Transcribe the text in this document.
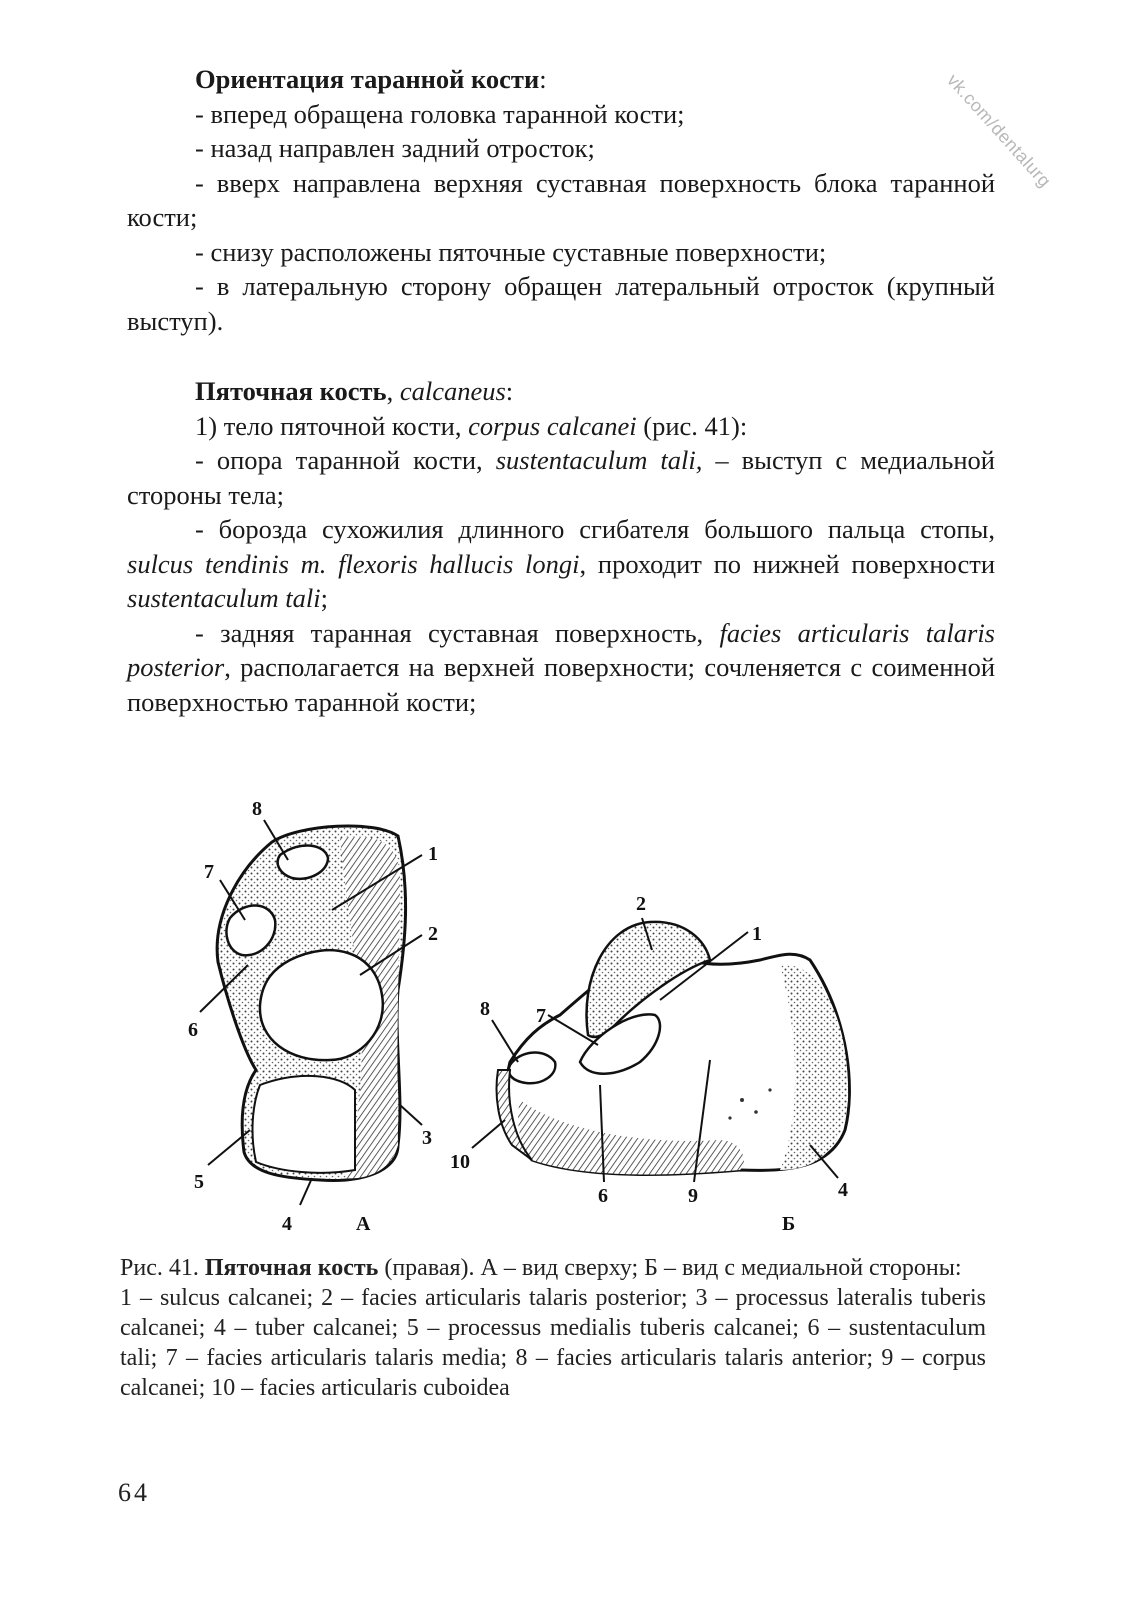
vk.com/dentalurg

Ориентация таранной кости:

- вперед обращена головка таранной кости;

- назад направлен задний отросток;

- вверх направлена верхняя суставная поверхность блока таранной кости;

- снизу расположены пяточные суставные поверхности;

- в латеральную сторону обращен латеральный отросток (крупный выступ).

Пяточная кость, calcaneus:

1) тело пяточной кости, corpus calcanei (рис. 41):

- опора таранной кости, sustentaculum tali, – выступ с медиальной стороны тела;

- борозда сухожилия длинного сгибателя большого пальца стопы, sulcus tendinis m. flexoris hallucis longi, проходит по нижней поверхности sustentaculum tali;

- задняя таранная суставная поверхность, facies articularis talaris posterior, располагается на верхней поверхности; сочленяется с соименной поверхностью таранной кости;

8
7
1
2
6
3
5
4	А
2
1
8 7
10
6	9	4
Б

Рис. 41. Пяточная кость (правая). А – вид сверху; Б – вид с медиальной стороны:

1 – sulcus calcanei; 2 – facies articularis talaris posterior; 3 – processus lateralis tuberis calcanei; 4 – tuber calcanei; 5 – processus medialis tuberis calcanei; 6 – sustentaculum tali; 7 – facies articularis talaris media; 8 – facies articularis talaris anterior; 9 – corpus calcanei; 10 – facies articularis cuboidea

64
